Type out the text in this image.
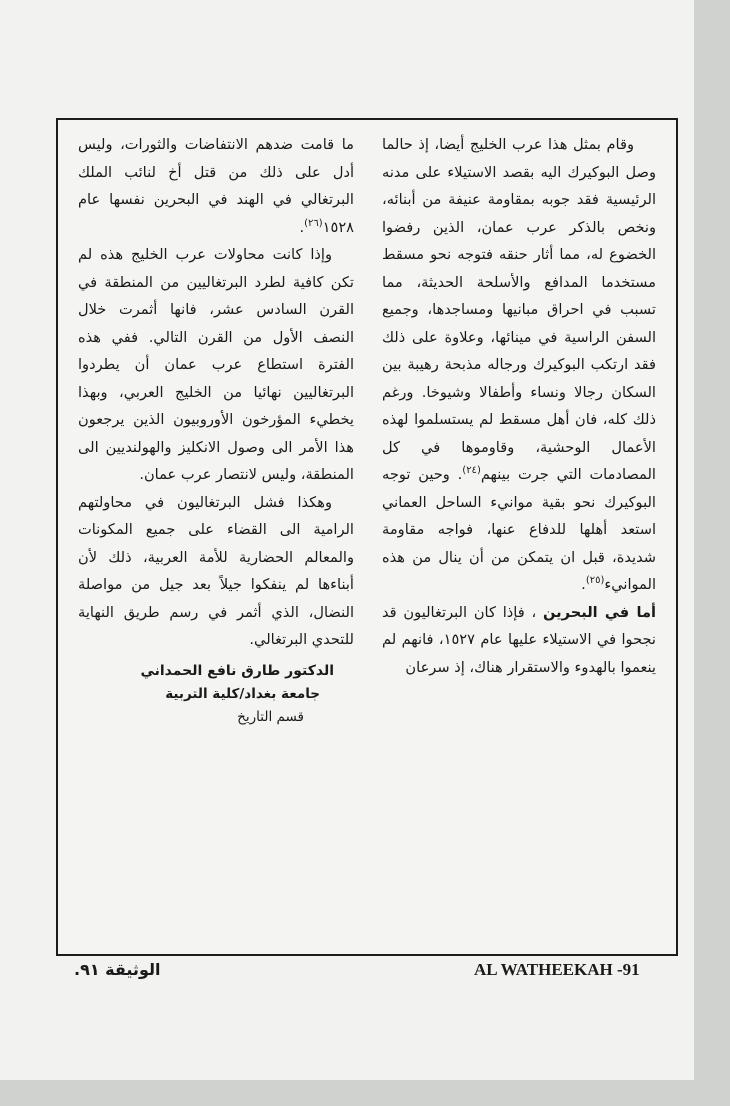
وقام بمثل هذا عرب الخليج أيضا، إذ حالما وصل البوكيرك اليه بقصد الاستيلاء على مدنه الرئيسية فقد جوبه بمقاومة عنيفة من أبنائه، ونخص بالذكر عرب عمان، الذين رفضوا الخضوع له، مما أثار حنقه فتوجه نحو مسقط مستخدما المدافع والأسلحة الحديثة، مما تسبب في احراق مبانيها ومساجدها، وجميع السفن الراسية في مينائها، وعلاوة على ذلك فقد ارتكب البوكيرك ورجاله مذبحة رهيبة بين السكان رجالا ونساء وأطفالا وشيوخا. ورغم ذلك كله، فان أهل مسقط لم يستسلموا لهذه الأعمال الوحشية، وقاوموها في كل المصادمات التي جرت بينهم$^{(٢٤)}$. وحين توجه البوكيرك نحو بقية موانيء الساحل العماني استعد أهلها للدفاع عنها، فواجه مقاومة شديدة، قبل ان يتمكن من أن ينال من هذه الموانيء$^{(٢٥)}$.

أما في البحرين ، فإذا كان البرتغاليون قد نجحوا في الاستيلاء عليها عام ١٥٢٧، فانهم لم ينعموا بالهدوء والاستقرار هناك، إذ سرعان

ما قامت ضدهم الانتفاضات والثورات، وليس أدل على ذلك من قتل أخ لنائب الملك البرتغالي في الهند في البحرين نفسها عام ١٥٢٨$^{(٢٦)}$.

وإذا كانت محاولات عرب الخليج هذه لم تكن كافية لطرد البرتغاليين من المنطقة في القرن السادس عشر، فانها أثمرت خلال النصف الأول من القرن التالي. ففي هذه الفترة استطاع عرب عمان أن يطردوا البرتغاليين نهائيا من الخليج العربي، وبهذا يخطيء المؤرخون الأوروبيون الذين يرجعون هذا الأمر الى وصول الانكليز والهولنديين الى المنطقة، وليس لانتصار عرب عمان.

وهكذا فشل البرتغاليون في محاولتهم الرامية الى القضاء على جميع المكونات والمعالم الحضارية للأمة العربية، ذلك لأن أبناءها لم ينفكوا جيلاً بعد جيل من مواصلة النضال، الذي أثمر في رسم طريق النهاية للتحدي البرتغالي.

الدكتور طارق نافع الحمداني
جامعة بغداد/كلية التربية
قسم التاريخ
AL WATHEEKAH -91
الوثيقة ٩١.
